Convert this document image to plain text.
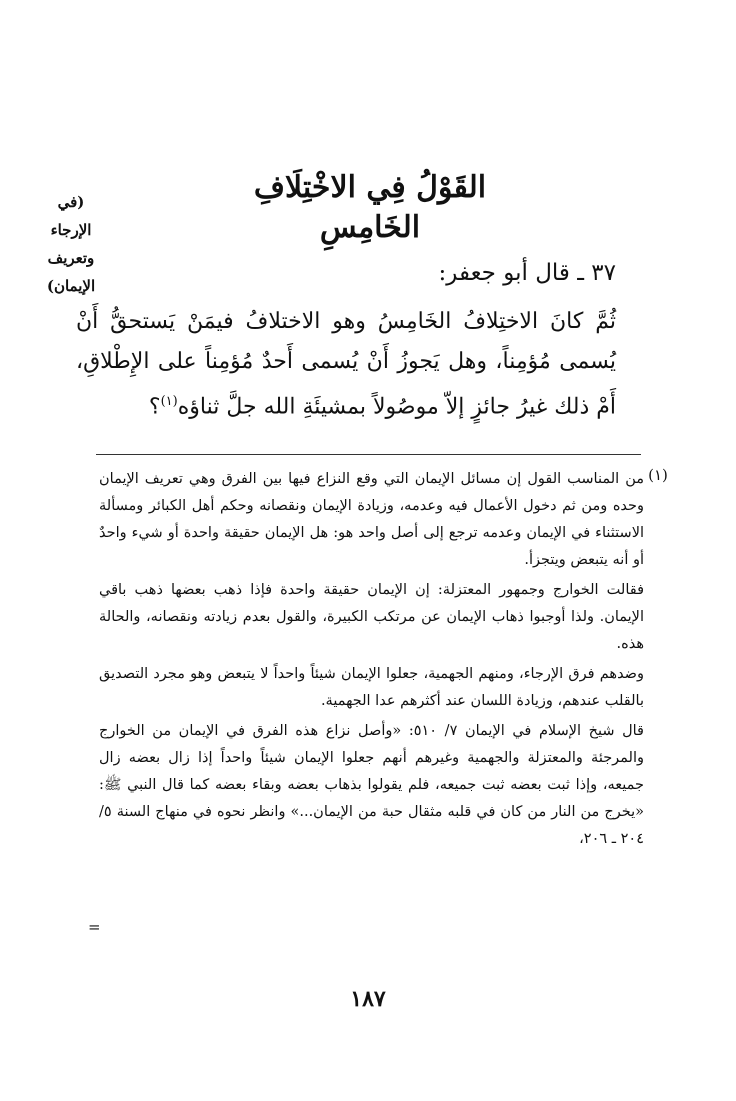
القَوْلُ فِي الاخْتِلَافِ الخَامِسِ
(في
الإرجاء
وتعريف
الإيمان)	٣٧ ـ قال أبو جعفر:

ثُمَّ كانَ الاختِلافُ الخَامِسُ وهو الاختلافُ فيمَنْ يَستحقُّ أَنْ يُسمى مُؤمِناً، وهل يَجوزُ أَنْ يُسمى أَحدٌ مُؤمِناً على الإِطْلاقِ، أَمْ ذلك غيرُ جائزٍ إلاّ موصُولاً بمشيئَةِ الله جلَّ ثناؤه$^{(١)}$؟

(١)

من المناسب القول إن مسائل الإيمان التي وقع النزاع فيها بين الفرق وهي تعريف الإيمان وحده ومن ثم دخول الأعمال فيه وعدمه، وزيادة الإيمان ونقصانه وحكم أهل الكبائر ومسألة الاستثناء في الإيمان وعدمه ترجع إلى أصل واحد هو: هل الإيمان حقيقة واحدة أو شيء واحدٌ أو أنه يتبعض ويتجزأ.

فقالت الخوارج وجمهور المعتزلة: إن الإيمان حقيقة واحدة فإذا ذهب بعضها ذهب باقي الإيمان. ولذا أوجبوا ذهاب الإيمان عن مرتكب الكبيرة، والقول بعدم زيادته ونقصانه، والحالة هذه.

وضدهم فرق الإرجاء، ومنهم الجهمية، جعلوا الإيمان شيئاً واحداً لا يتبعض وهو مجرد التصديق بالقلب عندهم، وزيادة اللسان عند أكثرهم عدا الجهمية.

قال شيخ الإسلام في الإيمان ٧/ ٥١٠: «وأصل نزاع هذه الفرق في الإيمان من الخوارج والمرجئة والمعتزلة والجهمية وغيرهم أنهم جعلوا الإيمان شيئاً واحداً إذا زال بعضه زال جميعه، وإذا ثبت بعضه ثبت جميعه، فلم يقولوا بذهاب بعضه وبقاء بعضه كما قال النبي ﷺ: «يخرج من النار من كان في قلبه مثقال حبة من الإيمان...» وانظر نحوه في منهاج السنة ٥/ ٢٠٤ ـ ٢٠٦،

=
١٨٧
